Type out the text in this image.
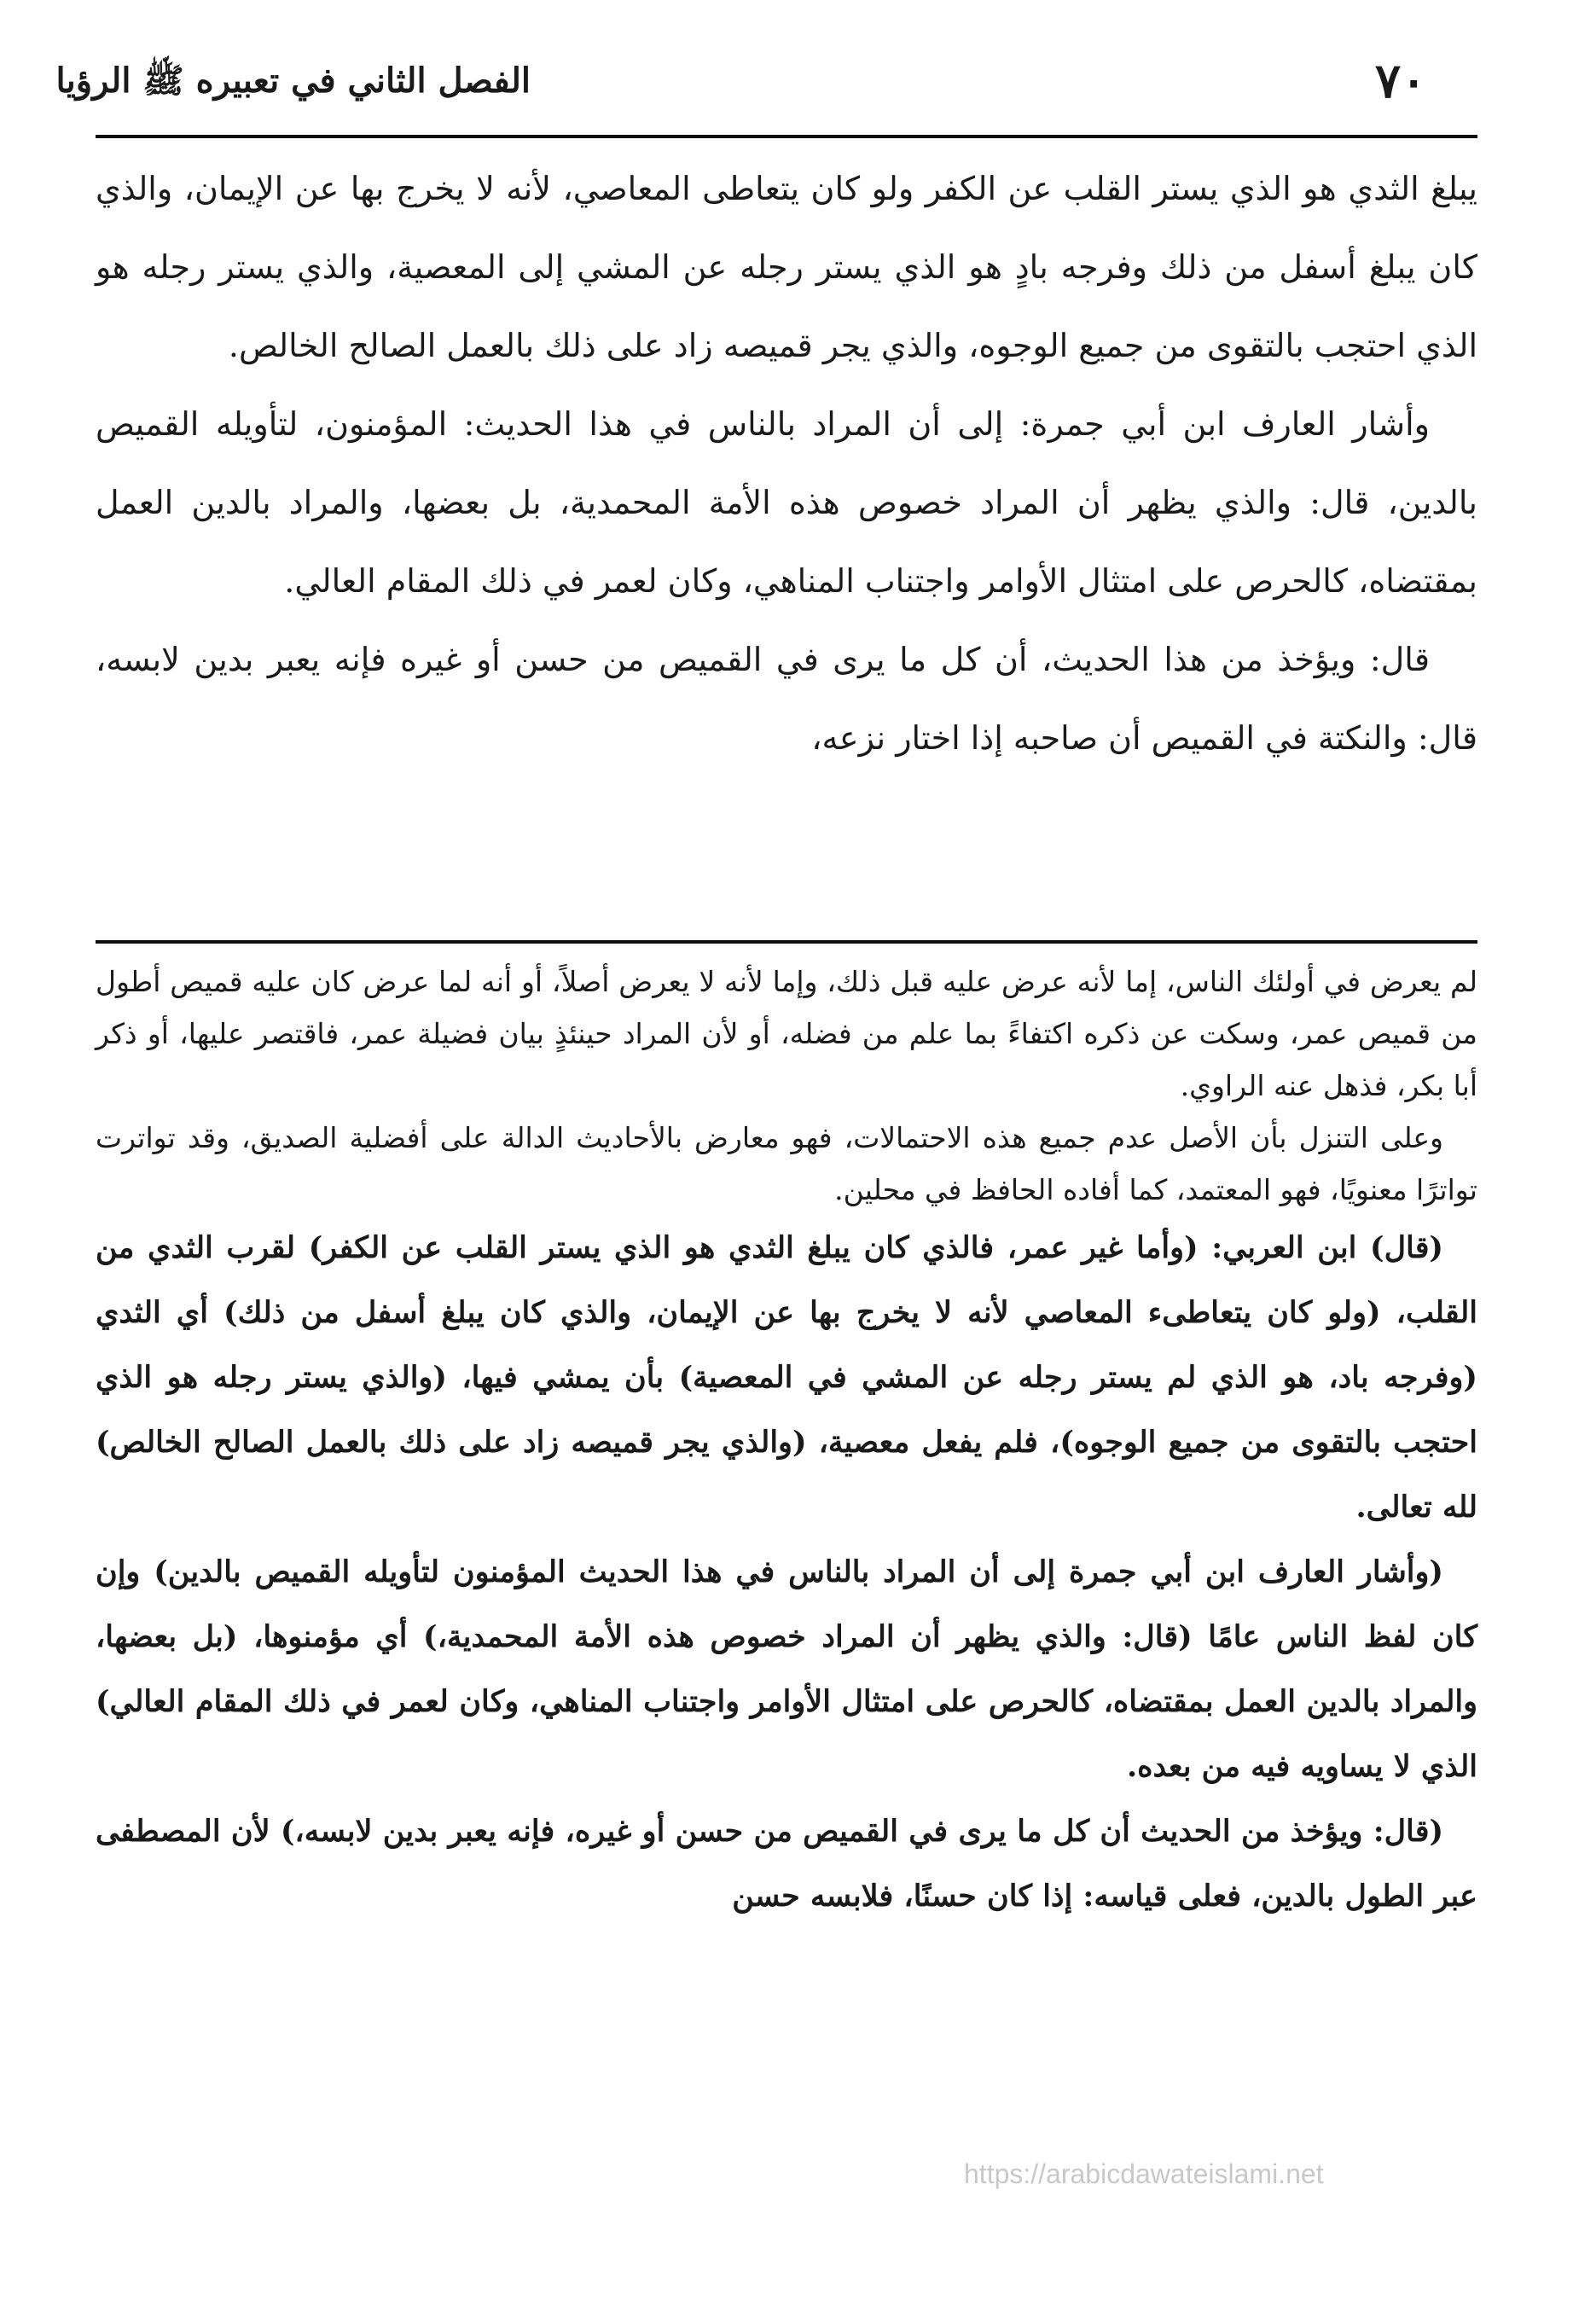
الفصل الثاني في تعبيره ﷺ الرؤيا	٧٠

يبلغ الثدي هو الذي يستر القلب عن الكفر ولو كان يتعاطى المعاصي، لأنه لا يخرج بها عن الإيمان، والذي كان يبلغ أسفل من ذلك وفرجه بادٍ هو الذي يستر رجله عن المشي إلى المعصية، والذي يستر رجله هو الذي احتجب بالتقوى من جميع الوجوه، والذي يجر قميصه زاد على ذلك بالعمل الصالح الخالص.

وأشار العارف ابن أبي جمرة: إلى أن المراد بالناس في هذا الحديث: المؤمنون، لتأويله القميص بالدين، قال: والذي يظهر أن المراد خصوص هذه الأمة المحمدية، بل بعضها، والمراد بالدين العمل بمقتضاه، كالحرص على امتثال الأوامر واجتناب المناهي، وكان لعمر في ذلك المقام العالي.

قال: ويؤخذ من هذا الحديث، أن كل ما يرى في القميص من حسن أو غيره فإنه يعبر بدين لابسه، قال: والنكتة في القميص أن صاحبه إذا اختار نزعه،

لم يعرض في أولئك الناس، إما لأنه عرض عليه قبل ذلك، وإما لأنه لا يعرض أصلاً، أو أنه لما عرض كان عليه قميص أطول من قميص عمر، وسكت عن ذكره اكتفاءً بما علم من فضله، أو لأن المراد حينئذٍ بيان فضيلة عمر، فاقتصر عليها، أو ذكر أبا بكر، فذهل عنه الراوي.

وعلى التنزل بأن الأصل عدم جميع هذه الاحتمالات، فهو معارض بالأحاديث الدالة على أفضلية الصديق، وقد تواترت تواترًا معنويًا، فهو المعتمد، كما أفاده الحافظ في محلين.

(قال) ابن العربي: (وأما غير عمر، فالذي كان يبلغ الثدي هو الذي يستر القلب عن الكفر) لقرب الثدي من القلب، (ولو كان يتعاطىء المعاصي لأنه لا يخرج بها عن الإيمان، والذي كان يبلغ أسفل من ذلك) أي الثدي (وفرجه باد، هو الذي لم يستر رجله عن المشي في المعصية) بأن يمشي فيها، (والذي يستر رجله هو الذي احتجب بالتقوى من جميع الوجوه)، فلم يفعل معصية، (والذي يجر قميصه زاد على ذلك بالعمل الصالح الخالص) لله تعالى.

(وأشار العارف ابن أبي جمرة إلى أن المراد بالناس في هذا الحديث المؤمنون لتأويله القميص بالدين) وإن كان لفظ الناس عامًا (قال: والذي يظهر أن المراد خصوص هذه الأمة المحمدية،) أي مؤمنوها، (بل بعضها، والمراد بالدين العمل بمقتضاه، كالحرص على امتثال الأوامر واجتناب المناهي، وكان لعمر في ذلك المقام العالي) الذي لا يساويه فيه من بعده.

(قال: ويؤخذ من الحديث أن كل ما يرى في القميص من حسن أو غيره، فإنه يعبر بدين لابسه،) لأن المصطفى عبر الطول بالدين، فعلى قياسه: إذا كان حسنًا، فلابسه حسن

https://arabicdawateislami.net
